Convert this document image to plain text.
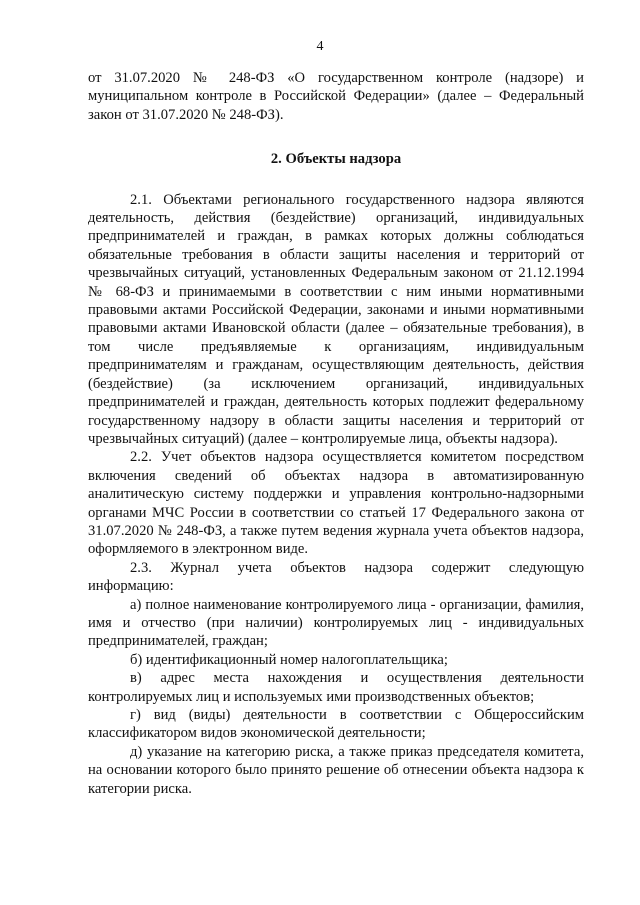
4

от 31.07.2020 № 248-ФЗ «О государственном контроле (надзоре) и муниципальном контроле в Российской Федерации» (далее – Федеральный закон от 31.07.2020 № 248-ФЗ).

2. Объекты надзора

2.1. Объектами регионального государственного надзора являются деятельность, действия (бездействие) организаций, индивидуальных предпринимателей и граждан, в рамках которых должны соблюдаться обязательные требования в области защиты населения и территорий от чрезвычайных ситуаций, установленных Федеральным законом от 21.12.1994 № 68-ФЗ и принимаемыми в соответствии с ним иными нормативными правовыми актами Российской Федерации, законами и иными нормативными правовыми актами Ивановской области (далее – обязательные требования), в том числе предъявляемые к организациям, индивидуальным предпринимателям и гражданам, осуществляющим деятельность, действия (бездействие) (за исключением организаций, индивидуальных предпринимателей и граждан, деятельность которых подлежит федеральному государственному надзору в области защиты населения и территорий от чрезвычайных ситуаций) (далее – контролируемые лица, объекты надзора).

2.2. Учет объектов надзора осуществляется комитетом посредством включения сведений об объектах надзора в автоматизированную аналитическую систему поддержки и управления контрольно-надзорными органами МЧС России в соответствии со статьей 17 Федерального закона от 31.07.2020 № 248-ФЗ, а также путем ведения журнала учета объектов надзора, оформляемого в электронном виде.

2.3. Журнал учета объектов надзора содержит следующую информацию:

а) полное наименование контролируемого лица - организации, фамилия, имя и отчество (при наличии) контролируемых лиц - индивидуальных предпринимателей, граждан;

б) идентификационный номер налогоплательщика;

в) адрес места нахождения и осуществления деятельности контролируемых лиц и используемых ими производственных объектов;

г) вид (виды) деятельности в соответствии с Общероссийским классификатором видов экономической деятельности;

д) указание на категорию риска, а также приказ председателя комитета, на основании которого было принято решение об отнесении объекта надзора к категории риска.
